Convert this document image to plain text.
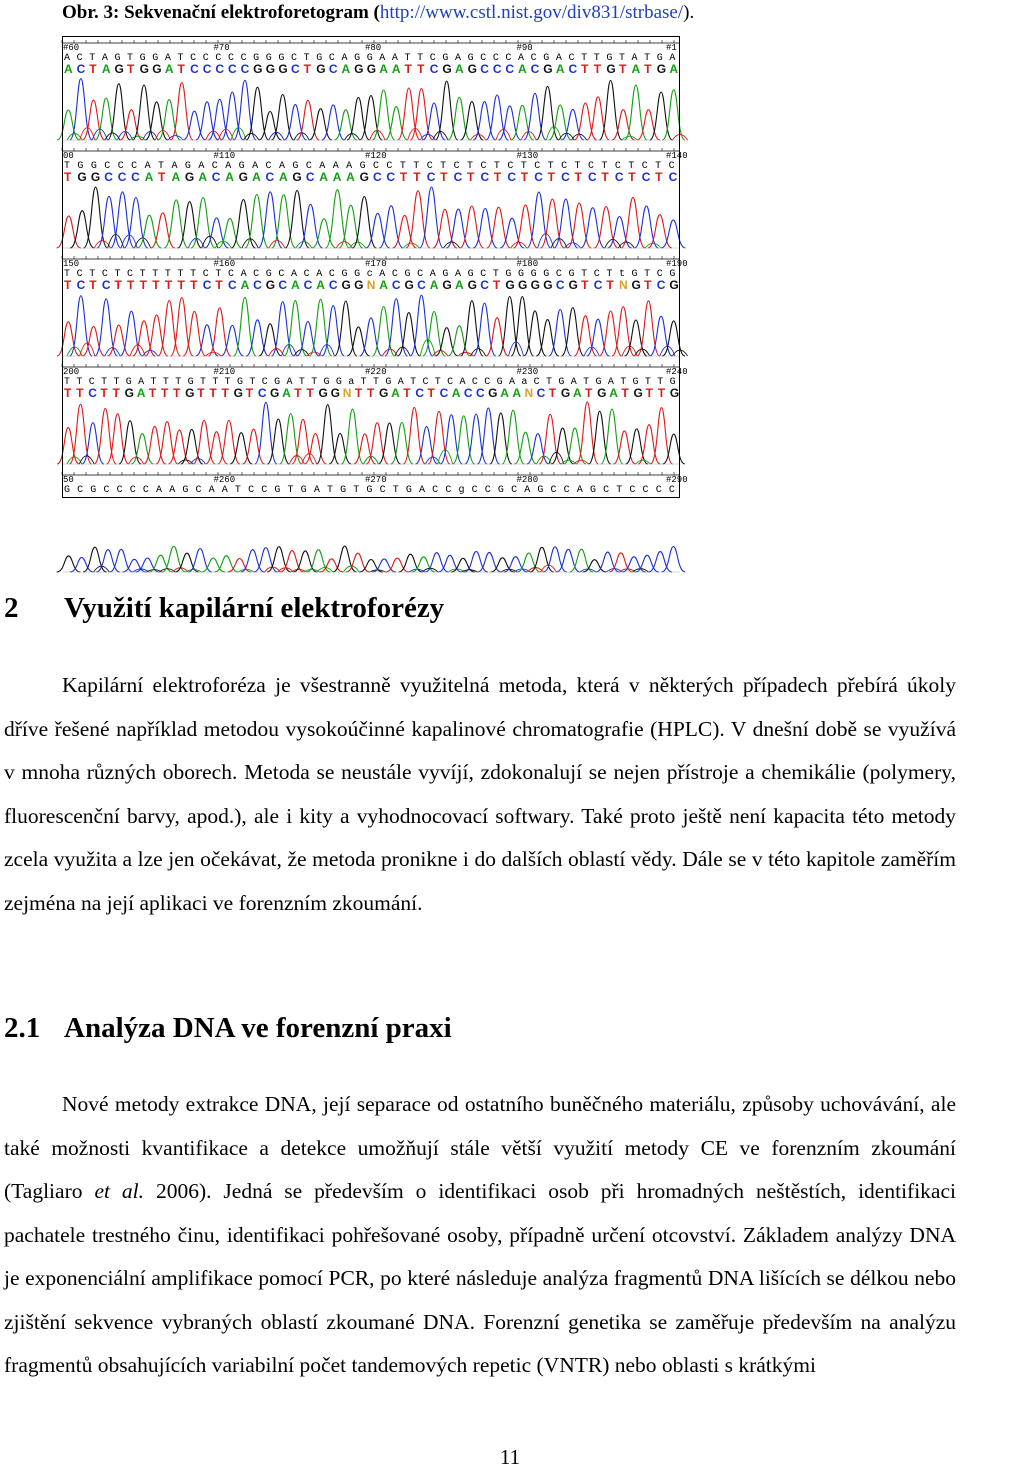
Obr. 3: Sekvenační elektroforetogram (http://www.cstl.nist.gov/div831/strbase/).
#60	#70	#80	#90	#1
A C T A G T G G A T C C C C C G G G C T G C A G G A A T T C G A G C C C A C G A C T T G T A T G A
A C T A G T G G A T C C C C C G G G C T G C A G G A A T T C G A G C C C A C G A C T T G T A T G A
00	#110	#120	#130	#140
T G G C C C A T A G A C A G A C A G C A A A G C C T T C T C T C T C T C T C T C T C T C T C
T G G C C C A T A G A C A G A C A G C A A A G C C T T C T C T C T C T C T C T C T C T C T C
150	#160	#170	#180	#190
T C T C T C T T T T T C T C A C G C A C A C G G c A C G C A G A G C T G G G G C G T C T t G T C G
T C T C T T T T T T T C T C A C G C A C A C G G N A C G C A G A G C T G G G G C G T C T N G T C G
200	#210	#220	#230	#240
T T C T T G A T T T G T T T G T C G A T T G G a T T G A T C T C A C C G A a C T G A T G A T G T T G
T T C T T G A T T T G T T T G T C G A T T G G N T T G A T C T C A C C G A A N C T G A T G A T G T T G
50	#260	#270	#280	#290
G C G C C C C A A G C A A T C C G T G A T G T G C T G A C C g C C G C A G C C A G C T C C C C
2 Využití kapilární elektroforézy

Kapilární elektroforéza je všestranně využitelná metoda, která v některých případech přebírá úkoly dříve řešené například metodou vysokoúčinné kapalinové chromatografie (HPLC). V dnešní době se využívá v mnoha různých oborech. Metoda se neustále vyvíjí, zdokonalují se nejen přístroje a chemikálie (polymery, fluorescenční barvy, apod.), ale i kity a vyhodnocovací softwary. Také proto ještě není kapacita této metody zcela využita a lze jen očekávat, že metoda pronikne i do dalších oblastí vědy. Dále se v této kapitole zaměřím zejména na její aplikaci ve forenzním zkoumání.

2.1 Analýza DNA ve forenzní praxi

Nové metody extrakce DNA, její separace od ostatního buněčného materiálu, způsoby uchovávání, ale také možnosti kvantifikace a detekce umožňují stále větší využití metody CE ve forenzním zkoumání (Tagliaro et al. 2006). Jedná se především o identifikaci osob při hromadných neštěstích, identifikaci pachatele trestného činu, identifikaci pohřešované osoby, případně určení otcovství. Základem analýzy DNA je exponenciální amplifikace pomocí PCR, po které následuje analýza fragmentů DNA lišících se délkou nebo zjištění sekvence vybraných oblastí zkoumané DNA. Forenzní genetika se zaměřuje především na analýzu fragmentů obsahujících variabilní počet tandemových repetic (VNTR) nebo oblasti s krátkými

11
